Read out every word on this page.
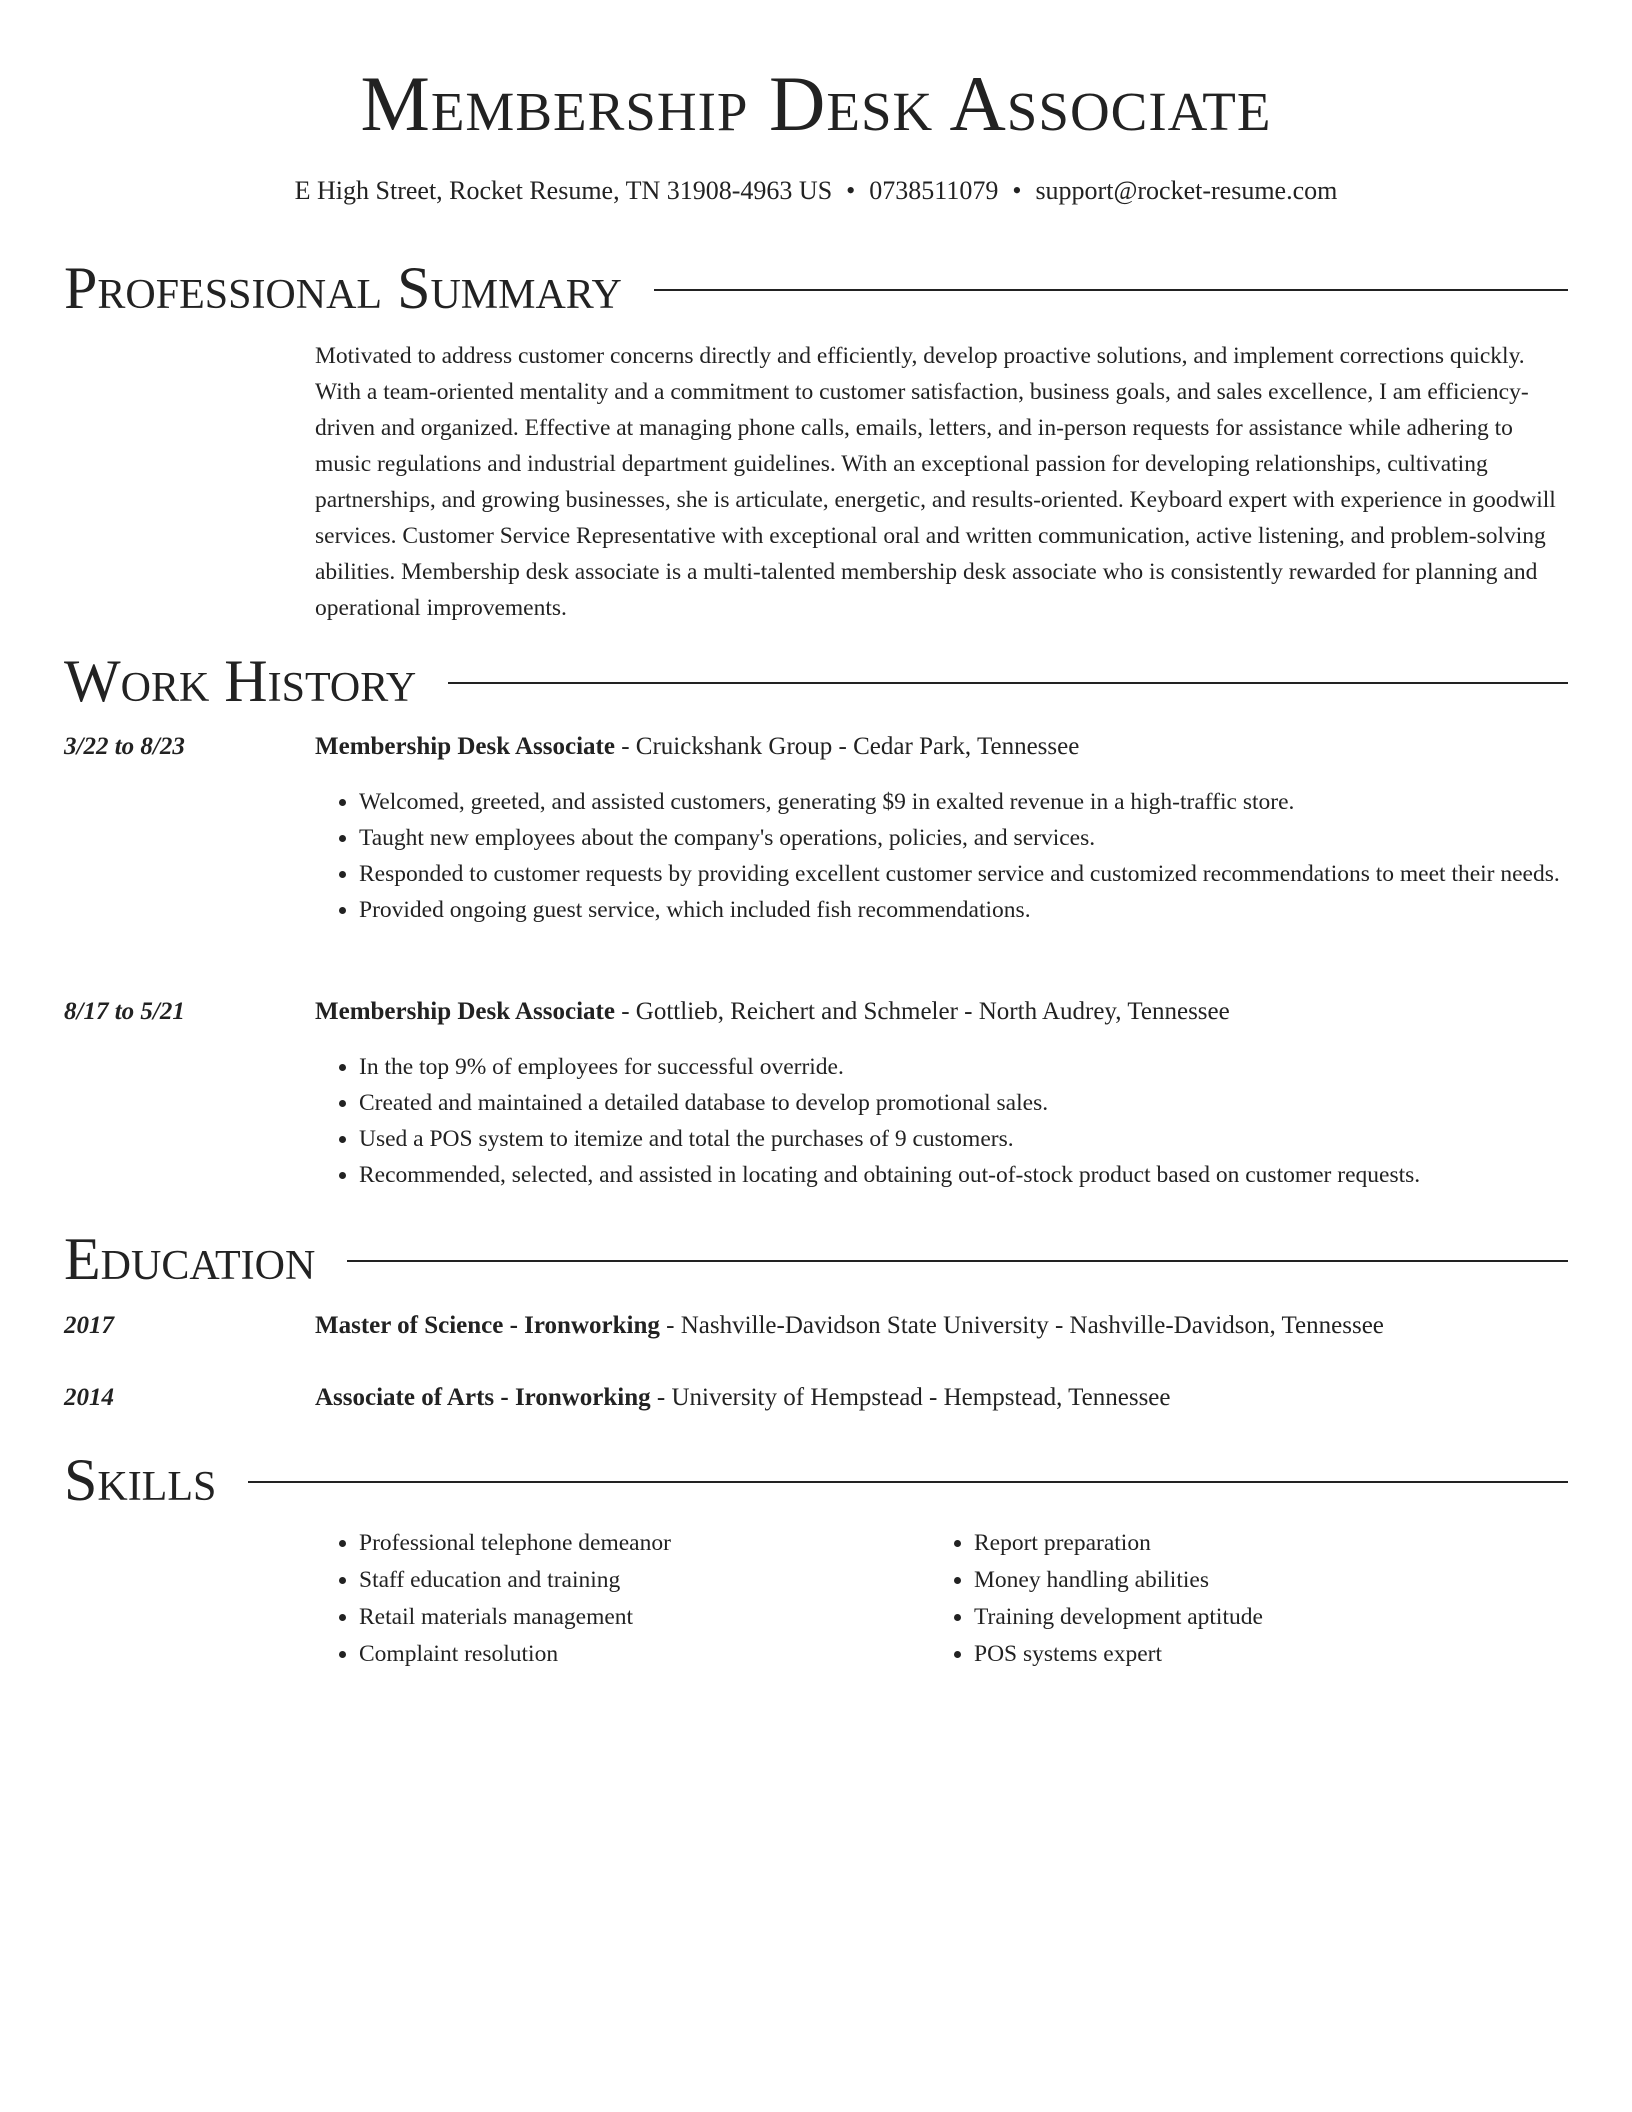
Membership Desk Associate
E High Street, Rocket Resume, TN 31908-4963 US • 0738511079 • support@rocket-resume.com
Professional Summary

Motivated to address customer concerns directly and efficiently, develop proactive solutions, and implement corrections quickly. With a team-oriented mentality and a commitment to customer satisfaction, business goals, and sales excellence, I am efficiency-driven and organized. Effective at managing phone calls, emails, letters, and in-person requests for assistance while adhering to music regulations and industrial department guidelines. With an exceptional passion for developing relationships, cultivating partnerships, and growing businesses, she is articulate, energetic, and results-oriented. Keyboard expert with experience in goodwill services. Customer Service Representative with exceptional oral and written communication, active listening, and problem-solving abilities. Membership desk associate is a multi-talented membership desk associate who is consistently rewarded for planning and operational improvements.

Work History
3/22 to 8/23	Membership Desk Associate - Cruickshank Group - Cedar Park, Tennessee
• Welcomed, greeted, and assisted customers, generating $9 in exalted revenue in a high-traffic store.
• Taught new employees about the company's operations, policies, and services.
• Responded to customer requests by providing excellent customer service and customized recommendations to meet their needs.
• Provided ongoing guest service, which included fish recommendations.
8/17 to 5/21	Membership Desk Associate - Gottlieb, Reichert and Schmeler - North Audrey, Tennessee
• In the top 9% of employees for successful override.
• Created and maintained a detailed database to develop promotional sales.
• Used a POS system to itemize and total the purchases of 9 customers.
• Recommended, selected, and assisted in locating and obtaining out-of-stock product based on customer requests.
Education
2017	Master of Science - Ironworking - Nashville-Davidson State University - Nashville-Davidson, Tennessee
2014	Associate of Arts - Ironworking - University of Hempstead - Hempstead, Tennessee
Skills
• Professional telephone demeanor
• Staff education and training
• Retail materials management
• Complaint resolution
• Report preparation
• Money handling abilities
• Training development aptitude
• POS systems expert
